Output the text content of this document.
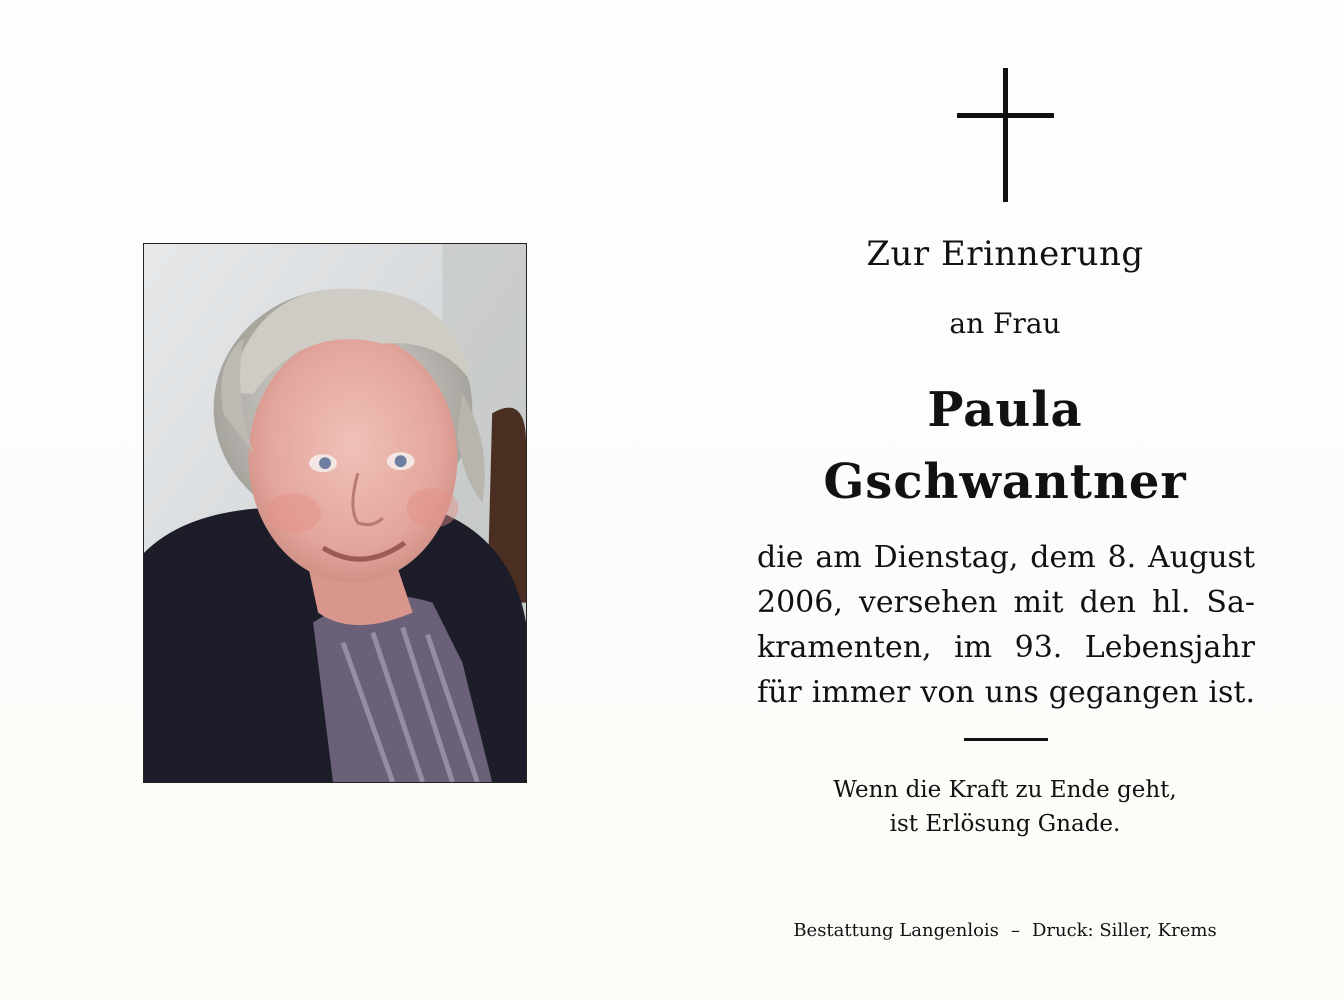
Zur Erinnerung
an Frau
Paula
Gschwantner
die am Dienstag, dem 8. August
2006, versehen mit den hl. Sa-
kramenten, im 93. Lebensjahr
für immer von uns gegangen ist.
Wenn die Kraft zu Ende geht,
ist Erlösung Gnade.
Bestattung Langenlois – Druck: Siller, Krems
